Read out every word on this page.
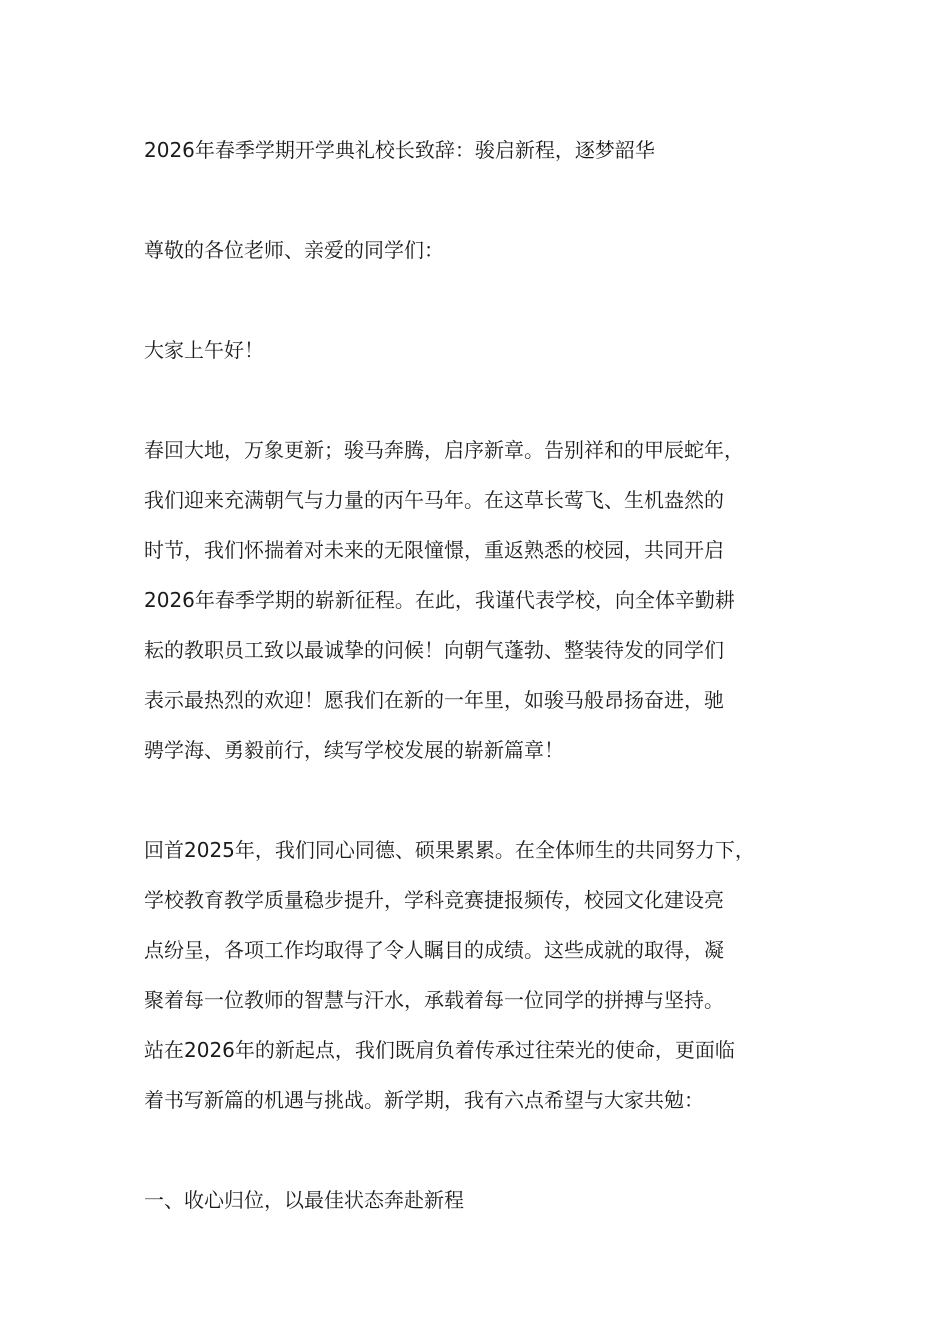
2026年春季学期开学典礼校长致辞：骏启新程，逐梦韶华
尊敬的各位老师、亲爱的同学们：
大家上午好！
春回大地，万象更新；骏马奔腾，启序新章。告别祥和的甲辰蛇年，
我们迎来充满朝气与力量的丙午马年。在这草长莺飞、生机盎然的
时节，我们怀揣着对未来的无限憧憬，重返熟悉的校园，共同开启
2026年春季学期的崭新征程。在此，我谨代表学校，向全体辛勤耕
耘的教职员工致以最诚挚的问候！向朝气蓬勃、整装待发的同学们
表示最热烈的欢迎！愿我们在新的一年里，如骏马般昂扬奋进，驰
骋学海、勇毅前行，续写学校发展的崭新篇章！
回首2025年，我们同心同德、硕果累累。在全体师生的共同努力下，
学校教育教学质量稳步提升，学科竞赛捷报频传，校园文化建设亮
点纷呈，各项工作均取得了令人瞩目的成绩。这些成就的取得，凝
聚着每一位教师的智慧与汗水，承载着每一位同学的拼搏与坚持。
站在2026年的新起点，我们既肩负着传承过往荣光的使命，更面临
着书写新篇的机遇与挑战。新学期，我有六点希望与大家共勉：
一、收心归位，以最佳状态奔赴新程
